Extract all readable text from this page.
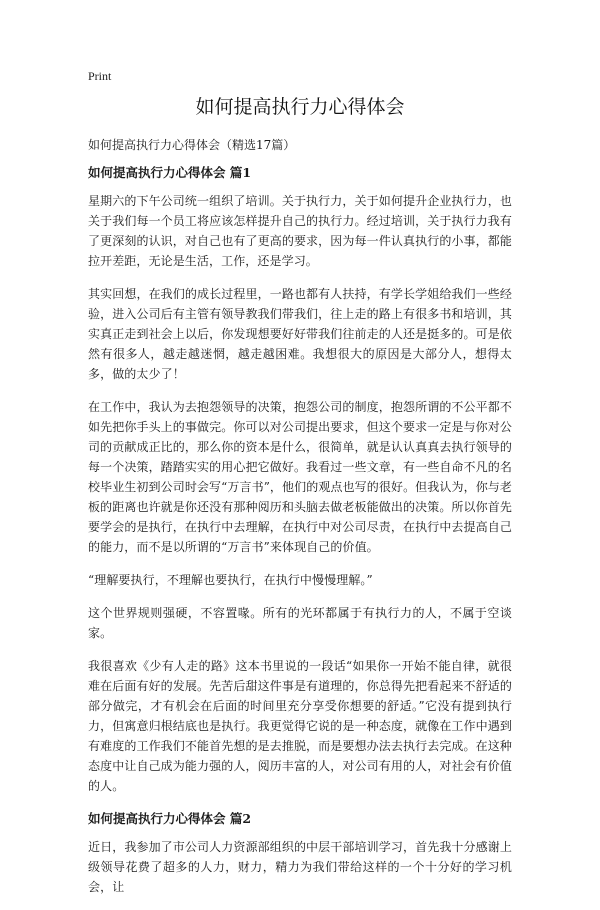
Print
如何提高执行力心得体会

如何提高执行力心得体会（精选17篇）

如何提高执行力心得体会 篇1

星期六的下午公司统一组织了培训。关于执行力，关于如何提升企业执行力，也关于我们每一个员工将应该怎样提升自己的执行力。经过培训，关于执行力我有了更深刻的认识，对自己也有了更高的要求，因为每一件认真执行的小事，都能拉开差距，无论是生活，工作，还是学习。

其实回想，在我们的成长过程里，一路也都有人扶持，有学长学姐给我们一些经验，进入公司后有主管有领导教我们带我们，往上走的路上有很多书和培训，其实真正走到社会上以后，你发现想要好好带我们往前走的人还是挺多的。可是依然有很多人，越走越迷惘，越走越困难。我想很大的原因是大部分人，想得太多，做的太少了！

在工作中，我认为去抱怨领导的决策，抱怨公司的制度，抱怨所谓的不公平都不如先把你手头上的事做完。你可以对公司提出要求，但这个要求一定是与你对公司的贡献成正比的，那么你的资本是什么，很简单，就是认认真真去执行领导的每一个决策，踏踏实实的用心把它做好。我看过一些文章，有一些自命不凡的名校毕业生初到公司时会写“万言书”，他们的观点也写的很好。但我认为，你与老板的距离也许就是你还没有那种阅历和头脑去做老板能做出的决策。所以你首先要学会的是执行，在执行中去理解，在执行中对公司尽责，在执行中去提高自己的能力，而不是以所谓的“万言书”来体现自己的价值。

“理解要执行，不理解也要执行，在执行中慢慢理解。”

这个世界规则强硬，不容置喙。所有的光环都属于有执行力的人，不属于空谈家。

我很喜欢《少有人走的路》这本书里说的一段话“如果你一开始不能自律，就很难在后面有好的发展。先苦后甜这件事是有道理的，你总得先把看起来不舒适的部分做完，才有机会在后面的时间里充分享受你想要的舒适。”它没有提到执行力，但寓意归根结底也是执行。我更觉得它说的是一种态度，就像在工作中遇到有难度的工作我们不能首先想的是去推脱，而是要想办法去执行去完成。在这种态度中让自己成为能力强的人，阅历丰富的人，对公司有用的人，对社会有价值的人。

如何提高执行力心得体会 篇2

近日，我参加了市公司人力资源部组织的中层干部培训学习，首先我十分感谢上级领导花费了超多的人力，财力，精力为我们带给这样的一个十分好的学习机会，让
